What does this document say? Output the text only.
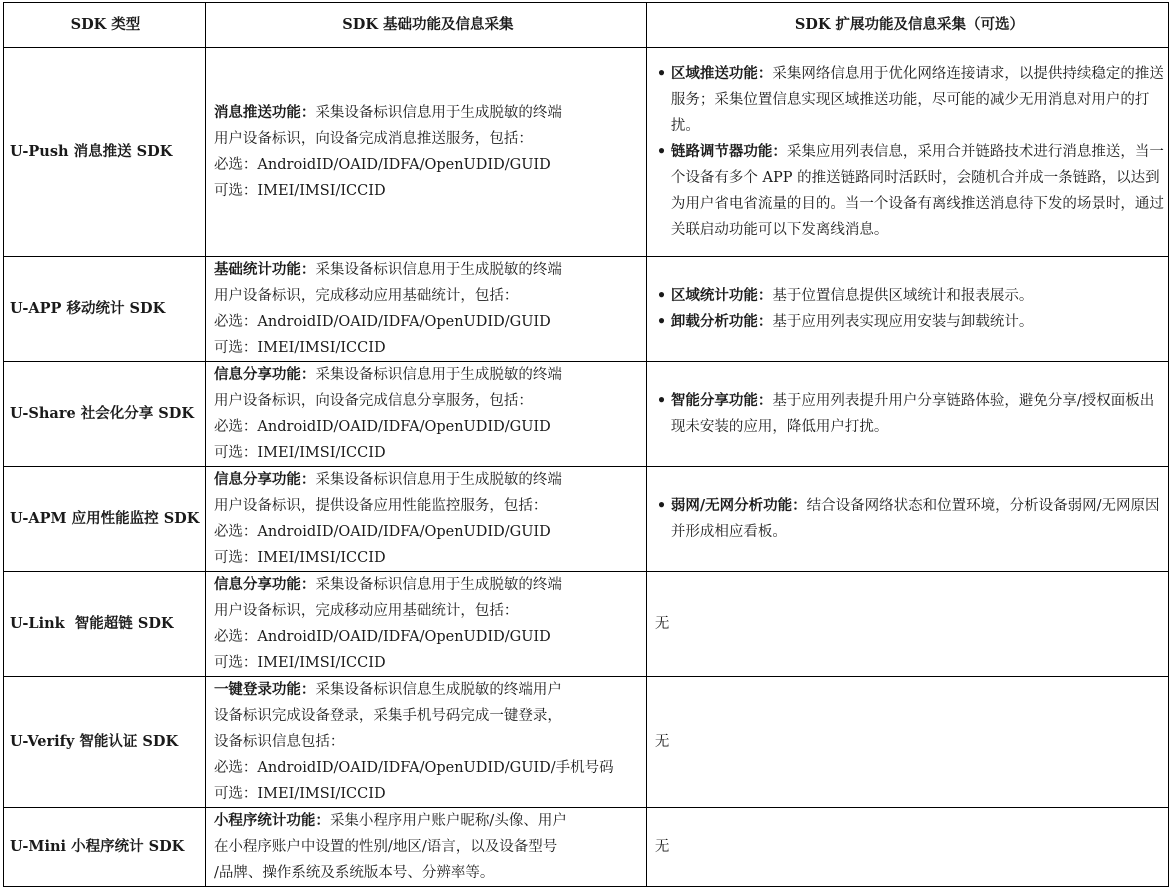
SDK 类型	SDK 基础功能及信息采集	SDK 扩展功能及信息采集（可选）
U-Push 消息推送 SDK	消息推送功能：采集设备标识信息用于生成脱敏的终端
用户设备标识，向设备完成消息推送服务，包括：
必选：AndroidID/OAID/IDFA/OpenUDID/GUID
可选：IMEI/IMSI/ICCID	• 区域推送功能：采集网络信息用于优化网络连接请求，以提供持续稳定的推送服务；采集位置信息实现区域推送功能，尽可能的减少无用消息对用户的打扰。
• 链路调节器功能：采集应用列表信息，采用合并链路技术进行消息推送，当一个设备有多个 APP 的推送链路同时活跃时，会随机合并成一条链路，以达到为用户省电省流量的目的。当一个设备有离线推送消息待下发的场景时，通过关联启动功能可以下发离线消息。

U-APP 移动统计 SDK	基础统计功能：采集设备标识信息用于生成脱敏的终端
用户设备标识，完成移动应用基础统计，包括：
必选：AndroidID/OAID/IDFA/OpenUDID/GUID
可选：IMEI/IMSI/ICCID	• 区域统计功能：基于位置信息提供区域统计和报表展示。
• 卸载分析功能：基于应用列表实现应用安装与卸载统计。

U-Share 社会化分享 SDK	信息分享功能：采集设备标识信息用于生成脱敏的终端
用户设备标识，向设备完成信息分享服务，包括：
必选：AndroidID/OAID/IDFA/OpenUDID/GUID
可选：IMEI/IMSI/ICCID	• 智能分享功能：基于应用列表提升用户分享链路体验，避免分享/授权面板出现未安装的应用，降低用户打扰。

U-APM 应用性能监控 SDK	信息分享功能：采集设备标识信息用于生成脱敏的终端
用户设备标识，提供设备应用性能监控服务，包括：
必选：AndroidID/OAID/IDFA/OpenUDID/GUID
可选：IMEI/IMSI/ICCID	• 弱网/无网分析功能：结合设备网络状态和位置环境，分析设备弱网/无网原因并形成相应看板。

U-Link  智能超链 SDK	信息分享功能：采集设备标识信息用于生成脱敏的终端
用户设备标识，完成移动应用基础统计，包括：
必选：AndroidID/OAID/IDFA/OpenUDID/GUID
可选：IMEI/IMSI/ICCID	无
U-Verify 智能认证 SDK	一键登录功能：采集设备标识信息生成脱敏的终端用户
设备标识完成设备登录，采集手机号码完成一键登录，
设备标识信息包括：
必选：AndroidID/OAID/IDFA/OpenUDID/GUID/手机号码
可选：IMEI/IMSI/ICCID	无
U-Mini 小程序统计 SDK	小程序统计功能：采集小程序用户账户昵称/头像、用户
在小程序账户中设置的性别/地区/语言，以及设备型号
/品牌、操作系统及系统版本号、分辨率等。	无
